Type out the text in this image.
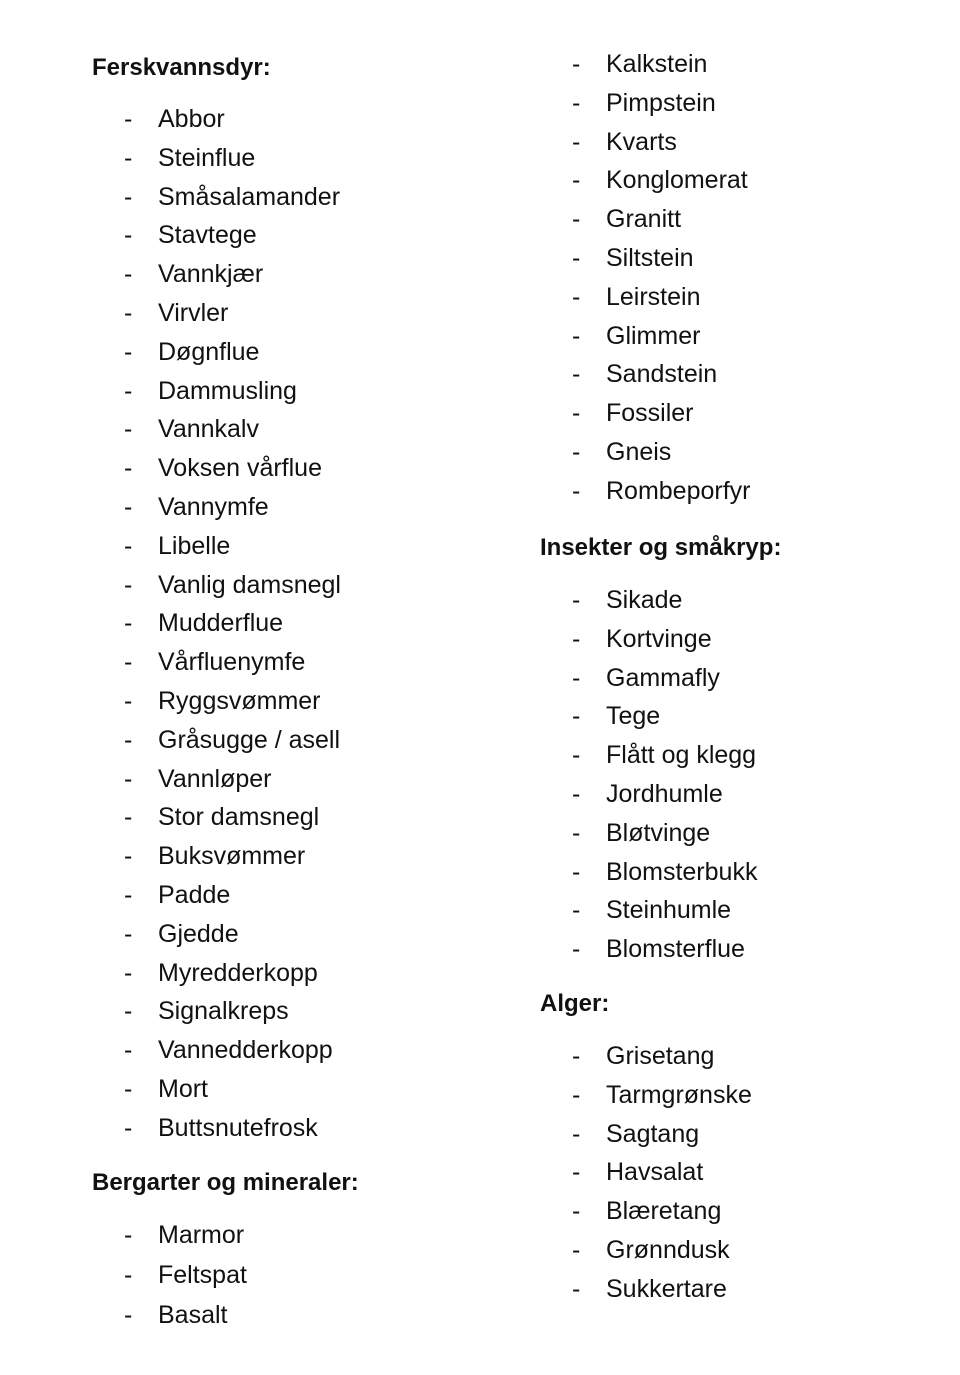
Ferskvannsdyr:
- Abbor
- Steinflue
- Småsalamander
- Stavtege
- Vannkjær
- Virvler
- Døgnflue
- Dammusling
- Vannkalv
- Voksen vårflue
- Vannymfe
- Libelle
- Vanlig damsnegl
- Mudderflue
- Vårfluenymfe
- Ryggsvømmer
- Gråsugge / asell
- Vannløper
- Stor damsnegl
- Buksvømmer
- Padde
- Gjedde
- Myredderkopp
- Signalkreps
- Vannedderkopp
- Mort
- Buttsnutefrosk
Bergarter og mineraler:
- Marmor
- Feltspat
- Basalt
- Kalkstein
- Pimpstein
- Kvarts
- Konglomerat
- Granitt
- Siltstein
- Leirstein
- Glimmer
- Sandstein
- Fossiler
- Gneis
- Rombeporfyr
Insekter og småkryp:
- Sikade
- Kortvinge
- Gammafly
- Tege
- Flått og klegg
- Jordhumle
- Bløtvinge
- Blomsterbukk
- Steinhumle
- Blomsterflue
Alger:
- Grisetang
- Tarmgrønske
- Sagtang
- Havsalat
- Blæretang
- Grønndusk
- Sukkertare
